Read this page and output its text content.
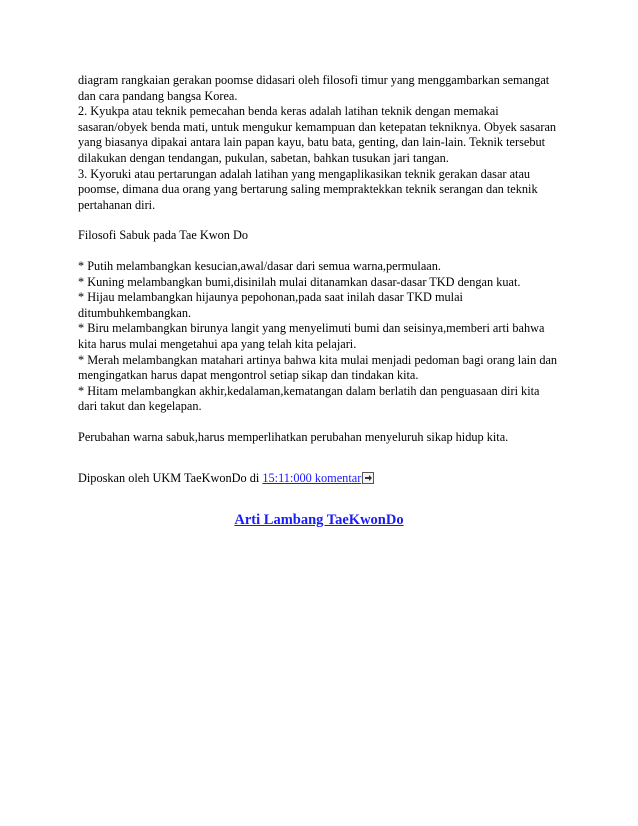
diagram rangkaian gerakan poomse didasari oleh filosofi timur yang menggambarkan semangat
dan cara pandang bangsa Korea.
2. Kyukpa atau teknik pemecahan benda keras adalah latihan teknik dengan memakai
sasaran/obyek benda mati, untuk mengukur kemampuan dan ketepatan tekniknya. Obyek sasaran
yang biasanya dipakai antara lain papan kayu, batu bata, genting, dan lain-lain. Teknik tersebut
dilakukan dengan tendangan, pukulan, sabetan, bahkan tusukan jari tangan.
3. Kyoruki atau pertarungan adalah latihan yang mengaplikasikan teknik gerakan dasar atau
poomse, dimana dua orang yang bertarung saling mempraktekkan teknik serangan dan teknik
pertahanan diri.
Filosofi Sabuk pada Tae Kwon Do
* Putih melambangkan kesucian,awal/dasar dari semua warna,permulaan.
* Kuning melambangkan bumi,disinilah mulai ditanamkan dasar-dasar TKD dengan kuat.
* Hijau melambangkan hijaunya pepohonan,pada saat inilah dasar TKD mulai
ditumbuhkembangkan.
* Biru melambangkan birunya langit yang menyelimuti bumi dan seisinya,memberi arti bahwa
kita harus mulai mengetahui apa yang telah kita pelajari.
* Merah melambangkan matahari artinya bahwa kita mulai menjadi pedoman bagi orang lain dan
mengingatkan harus dapat mengontrol setiap sikap dan tindakan kita.
* Hitam melambangkan akhir,kedalaman,kematangan dalam berlatih dan penguasaan diri kita
dari takut dan kegelapan.
Perubahan warna sabuk,harus memperlihatkan perubahan menyeluruh sikap hidup kita.
Diposkan oleh UKM TaeKwonDo di 15:11:000 komentar
Arti Lambang TaeKwonDo
